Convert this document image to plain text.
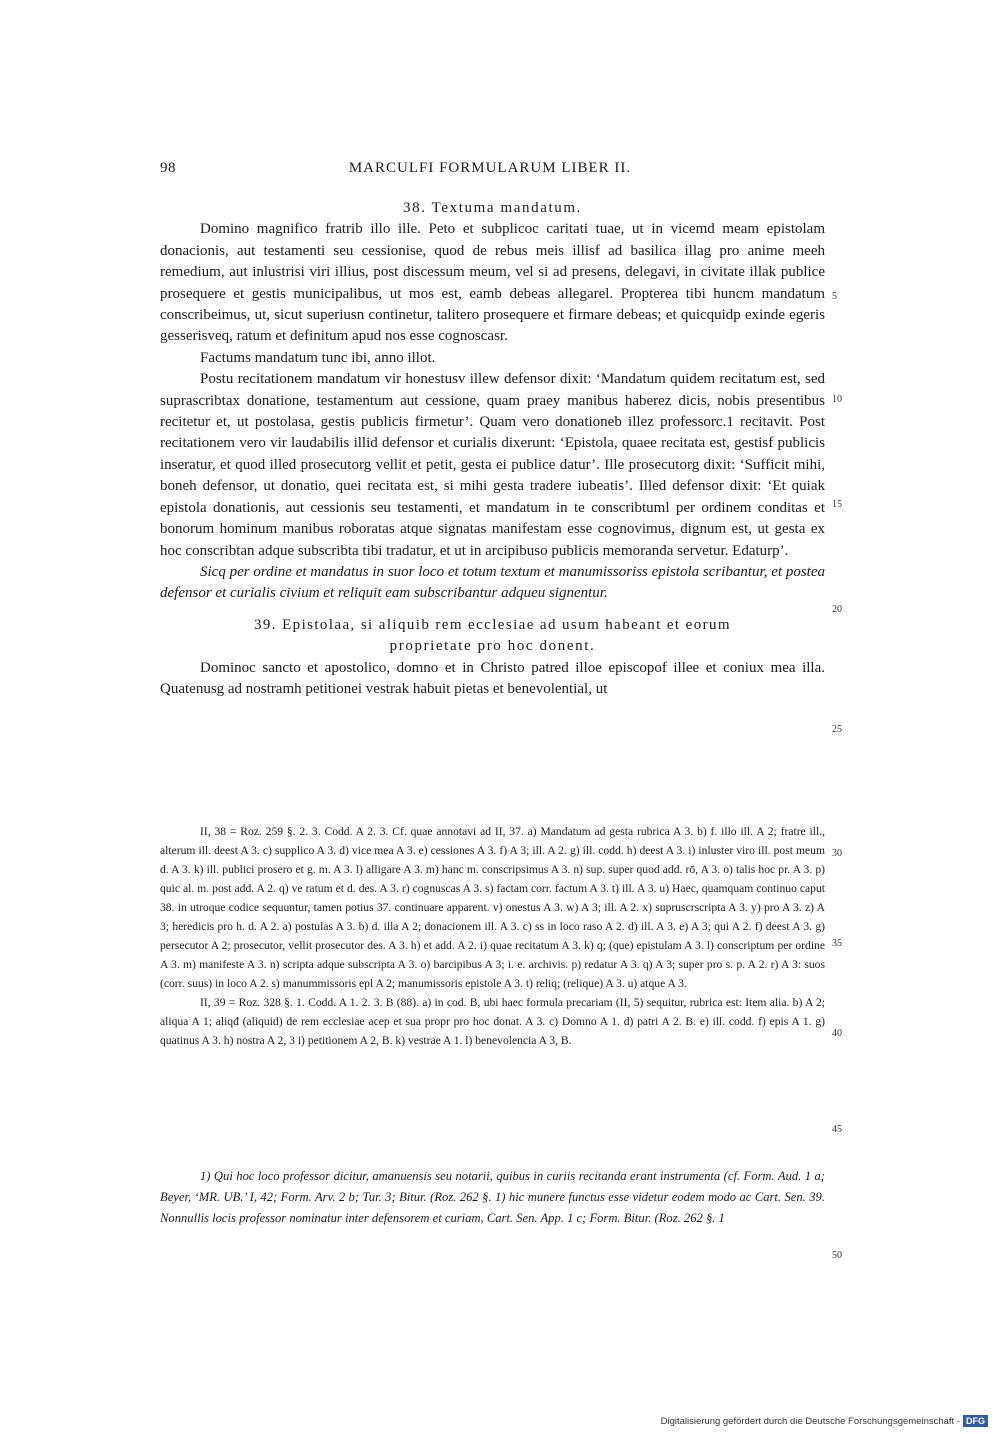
98	MARCULFI FORMULARUM LIBER II.
38. Textuma mandatum.

Domino magnifico fratrib illo ille. Peto et subplicoc caritati tuae, ut in vicemd meam epistolam donacionis, aut testamenti seu cessionise, quod de rebus meis illisf ad basilica illag pro anime meeh remedium, aut inlustrisi viri illius, post discessum meum, vel si ad presens, delegavi, in civitate illak publice prosequere et gestis municipalibus, ut mos est, eamb debeas allegarel. Propterea tibi huncm mandatum conscribeimus, ut, sicut superiusn continetur, taliterο prosequere et firmare debeas; et quicquidp exinde egeris gesserisveq, ratum et definitum apud nos esse cognoscasr.

Factums mandatum tunc ibi, anno illot.

Postu recitationem mandatum vir honestusv illew defensor dixit: ‘Mandatum quidem recitatum est, sed suprascribtax donatione, testamentum aut cessione, quam praey manibus haberez dicis, nobis presentibus recitetur et, ut postolasa, gestis publicis firmetur’. Quam vero donationeb illez professorc.1 recitavit. Post recitationem vero vir laudabilis illid defensor et curialis dixerunt: ‘Epistola, quaee recitata est, gestisf publicis inseratur, et quod illed prosecutorg vellit et petit, gesta ei publice datur’. Ille prosecutorg dixit: ‘Sufficit mihi, boneh defensor, ut donatio, quei recitata est, si mihi gesta tradere iubeatis’. Illed defensor dixit: ‘Et quiak epistola donationis, aut cessionis seu testamenti, et mandatum in te conscribtuml per ordinem conditas et bonorum hominum manibus roboratas atque signatas manifestam esse cognovimus, dignum est, ut gesta ex hoc conscribtan adque subscribta tibi tradatur, et ut in arcipibuso publicis memoranda servetur. Edaturp’.

Sicq per ordine et mandatus in suor loco et totum textum et manumissoriss epistola scribantur, et postea defensor et curialis civium et reliquit eam subscribantur adqueu signentur.

39. Epistolaa, si aliquib rem ecclesiae ad usum habeant et eorum
proprietate pro hoc donent.

Dominoc sancto et apostolico, domno et in Christo patred illoe episcopof illee et coniux mea illa. Quatenusg ad nostramh petitionei vestrak habuit pietas et benevolential, ut

II, 38 = Roz. 259 §. 2. 3. Codd. A 2. 3. Cf. quae annotavi ad II, 37. a) Mandatum ad gesta rubrica A 3. b) f. illo ill. A 2; fratre ill., alterum ill. deest A 3. c) supplico A 3. d) vice mea A 3. e) cessiones A 3. f) A 3; ill. A 2. g) ill. codd. h) deest A 3. i) inluster viro ill. post meum d. A 3. k) ill. publici prosero et g. m. A 3. l) alligare A 3. m) hanc m. conscripsimus A 3. n) sup. super quod add. rō, A 3. o) talis hoc pr. A 3. p) quic al. m. post add. A 2. q) ve ratum et d. des. A 3. r) cognuscas A 3. s) factam corr. factum A 3. t) ill. A 3. u) Haec, quamquam continuo caput 38. in utroque codice sequuntur, tamen potius 37. continuare apparent. v) onestus A 3. w) A 3; ill. A 2. x) supruscrscripta A 3. y) pro A 3. z) A 3; heredicis pro h. d. A 2. a) postulas A 3. b) d. illa A 2; donacionem ill. A 3. c) ss in loco raso A 2. d) ill. A 3. e) A 3; qui A 2. f) deest A 3. g) persecutor A 2; prosecutor, vellit prosecutor des. A 3. h) et add. A 2. i) quae recitatum A 3. k) q; (que) epistulam A 3. l) conscriptum per ordine A 3. m) manifeste A 3. n) scripta adque subscripta A 3. o) barcipibus A 3; i. e. archivis. p) redatur A 3. q) A 3; super pro s. p. A 2. r) A 3: suos (corr. suus) in loco A 2. s) manummissoris epl A 2; manumissoris epistole A 3. t) reliq; (relique) A 3. u) atque A 3.

II, 39 = Roz. 328 §. 1. Codd. A 1. 2. 3. B (88). a) in cod. B, ubi haec formula precariam (II, 5) sequitur, rubrica est: Item alia. b) A 2; aliqua A 1; aliqđ (aliquid) de rem ecclesiae acep et sua propr pro hoc donat. A 3. c) Domno A 1. d) patri A 2. B. e) ill. codd. f) epis A 1. g) quatinus A 3. h) nostra A 2, 3 i) petitionem A 2, B. k) vestrae A 1. l) benevolencia A 3, B.

1) Qui hoc loco professor dicitur, amanuensis seu notarii, quibus in curiis recitanda erant instrumenta (cf. Form. Aud. 1 a; Beyer, ‘MR. UB.’ I, 42; Form. Arv. 2 b; Tur. 3; Bitur. (Roz. 262 §. 1) hic munere functus esse videtur eodem modo ac Cart. Sen. 39. Nonnullis locis professor nominatur inter defensorem et curiam, Cart. Sen. App. 1 c; Form. Bitur. (Roz. 262 §. 1

5
10
15
20
25
30
35
40
45
50
Digitalisierung gefördert durch die Deutsche Forschungsgemeinschaft - DFG
